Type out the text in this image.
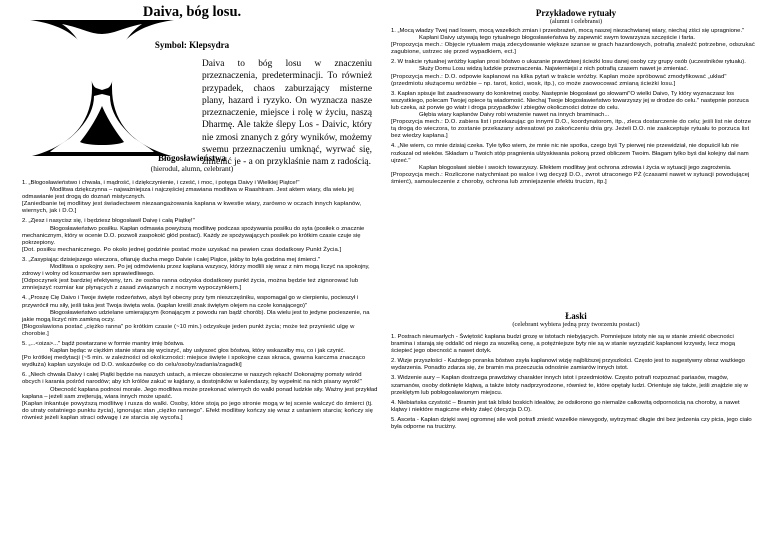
Daiva, bóg losu.
Symbol: Klepsydra
Daiva to bóg losu w znaczeniu przeznaczenia, predeterminacji. To również przypadek, chaos zaburzający misterne plany, hazard i ryzyko. On wyznacza nasze przeznaczenie, miejsce i rolę w życiu, naszą Dharmę. Ale także ślepy Los - Daivic, który nie zmosi znanych z góry wyników, możemy swemu przeznaczeniu umknąć, wyrwać się, zmienić je - a on przyklaśnie nam z radością.
Błogosławieństwa
(hierodul, alumn, celebrant)

1. „Błogosławieństwo i chwała, i mądrość, i dziękczynienie, i cześć, i moc, i potęga Daivy i Wielkiej Piątce!"

Modlitwa dziękczynna – najważniejsza i najczęściej zmawiana modlitwa w Raashtram. Jest aktem wiary, dla wielu jej odmawianie jest drogą do doznań mistycznych.

[Zaniedbanie tej modlitwy jest świadectwem niezaangażowania kapłana w kwestie wiary, zarówno w oczach innych kapłanów, wiernych, jak i D.O.]

2. „Zjesz i nasycisz się, i będziesz błogosławił Daivę i całą Piątkę!"

Błogosławieństwo posiłku. Kapłan odmawia powyższą modlitwę podczas spożywania posiłku do syta (posiłek o znacznie mechanicznym, który w ocenie D.O. pozwoli zaspokoić głód postaci). Każdy ze spożywających posiłek po krótkim czasie czuje się pokrzepiony.

[Dot. posiłku mechanicznego. Po około jednej godzinie postać może uzyskać na pewien czas dodatkowy Punkt Życia.]

3. „Zasypiając dzisiejszego wieczora, ofiaruję ducha mego Daivie i całej Piątce, jakby to była godzina mej śmierci."

Modlitwa o spokojny sen. Po jej odmówieniu przez kapłana wszyscy, którzy modlili się wraz z nim mogą liczyć na spokojny, zdrowy i wolny od koszmarów sen sprawiedliwego.

[Odpoczynek jest bardziej efektywny, tzn. że osoba ranna odzyska dodatkowy punkt życia, można będzie też zignorować lub zmniejszyć rozmiar kar płynących z zasad związanych z nocnym wypoczynkiem.]

4. „Proszę Cię Daivo i Twoje święte rodzeństwo, abyś był obecny przy tym nieszczęśniku, wspomagał go w cierpieniu, pocieszył i przywrócił mu siły, jeśli taka jest Twoja święta wola. (kapłan kreśli znak świętym olejem na czole konającego)"

Błogosławieństwo udzielane umierającym (konającym z powodu ran bądź chorób). Dla wielu jest to jedyne pocieszenie, na jakie mogą liczyć nim zamkną oczy.

[Błogosławiona postać „ciężko ranna" po krótkim czasie (~10 min.) odzyskuje jeden punkt życia; może też przynieść ulgę w chorobie.]

5. „...<oiza>..." bądź powtarzane w formie mantry imię bóstwa.

Kapłan będąc w ciężkim stanie stara się wyciszyć, aby usłyszeć głos bóstwa, który wskazałby mu, co i jak czynić.

[Po krótkiej medytacji (~5 min. w zależności od okoliczności: miejsce święte i spokojne czas skraca, gwarna karczma znacząco wydłuża) kapłan uzyskuje od D.O. wskazówkę co do celu/osoby/zadania/zagadki]

6. „Niech chwała Daivy i całej Piątki będzie na naszych ustach, a miecze obosieczne w naszych rękach! Dokonajmy pomsty wśród obcych i karania pośród narodów; aby ich królów zakuć w kajdany, a dostojników w kalendarzy, by wypełnić na nich pisany wyrok!"

Obecność kapłana podnosi morale. Jego modlitwa może przekonać wiernych do walki ponad ludzkie siły. Ważny jest przykład kapłana – jeżeli sam zrejterują, wiara innych może upaść.

[Kapłan inkantuje powyższą modlitwę i rusza do walki. Osoby, które stoją po jego stronie mogą w tej scenie walczyć do śmierci (tj. do utraty ostatniego punktu życia), ignorując stan „ciężko rannego". Efekt modlitwy kończy się wraz z ustaniem starcia; kończy się również jeżeli kapłan straci odwagę i ze starcia się wycofa.]

Przykładowe rytuały
(alumni i celebransi)

1. „Mocą władzy Twej nad losem, mocą wszelkich zmian i przeobrażeń, mocą naszej niezachwianej wiary, niechaj ziści się upragnione."

Kapłani Daivy używają tego rytualnego błogosławieństwa by zapewnić swym towarzysza szczęście i farta.

[Propozycja mech.: Objęcie rytuałem mają zdecydowanie większe szanse w grach hazardowych, potrafią znaleźć potrzebne, odszukać zagubione, ustrzec się przed wypadkiem, ect.]

2. W trakcie rytualnej wróżby kapłan prosi bóstwo o ukazanie prawdziwej ścieżki losu danej osoby czy grupy osób (uczestników rytuału).

Służy Domu Losu widzą ludzkie przeznaczenia. Najwierniejsi z nich potrafią czasem nawet je zmieniać.

[Propozycja mech.: D.O. odpowie kapłanowi na kilka pytań w trakcie wróżby. Kapłan może spróbować zmodyfikować „układ" (przedmiotu służącemu wróżbie – np. tarot, kości, wosk, itp.), co może zaowocować zmianą ścieżki losu.]

3. Kapłan spisuje list zaadresowany do konkretnej osoby. Następnie błogosławi go słowami"O wielki Daivo, Ty który wyznaczasz los wszystkiego, polecam Twojej opiece tą wiadomość. Niechaj Twoje błogosławieństwo towarzyszy jej w drodze do celu." następnie porzuca lub czeka, aż porwie go wiatr i droga przypadków i zbiegów okoliczności dotrze do celu.

Głębia wiary kapłanów Daivy robi wrażenie nawet na innych braminach...

[Propozycja mech.: D.O. zabiera list i przekazując go innymi D.O., koordynatorom, itp., zleca dostarczenie do celu; jeśli list nie dotrze tą drogą do wieczora, to zostanie przekazany adresatowi po zakończeniu dnia gry. Jeżeli D.O. nie zaakceptuje rytuału to porzuca list bez wiedzy kapłana.]

4. „Nie wiem, co mnie dzisiaj czeka. Tyle tylko wiem, że mnie nic nie spotka, czego byś Ty pierwej nie przewidział, nie dopuścił lub nie rozkazał od wieków. Składam u Twoich stóp pragnienia ulżyskiwania pokorą przed obliczem Twoim. Błagam tylko byś dał kolejny dał nam ujrzeć."

Kapłan błogosławi siebie i swoich towarzyszy. Efektem modlitwy jest ochrona zdrowia i życia w sytuacji jego zagrożenia.

[Propozycja mech.: Rozliczone natychmiast po walce i wg decyzji D.O., zwrot utraconego PŻ (czasami nawet w sytuacji powodującej śmierć), samouleczenie z choroby, ochrona lub zmniejszenie efektu trucizn, itp.]

Łaski
(celebrant wybiera jedną przy tworzeniu postaci)
1. Postrach nieumarłych - Świętość kapłana budzi grozę w istotach niebyjących. Pomniejsze istoty nie są w stanie znieść obecności bramina i starają się oddalić od niego za wszelką cenę, a potężniejsze byty nie są w stanie wyrządzić kapłanowi krzywdy, lecz mogą ściepieć jego obecność a nawet dotyk.
2. Wizje przyszłości - Każdego poranka bóstwo zsyła kapłanowi wizję najbliższej przyszłości. Często jest to sugestywny obraz ważkiego wydarzenia. Ponadto zdarza się, że bramin ma przeczucia odnośnie zamiarów innych istot.
3. Widzenie aury – Kapłan dostrzega prawdziwy charakter innych istot i przedmiotów. Często potrafi rozpoznać pariasów, magów, szamanów, osoby dotknięte klątwą, a także istoty nadprzyrodzone, również te, które opętały ludzi. Orientuje się także, jeśli znajdzie się w przeklętym lub pobłogosławionym miejscu.
4. Niebiańska czystość – Bramin jest tak bliski boskich ideałów, że odsiłorono go niemalże całkowitą odpornością na choroby, a nawet klątwy i niektóre magiczne efekty żałęć (decyzja D.O).
5. Asceta - Kapłan dzięki swej ogromnej sile woli potrafi znieść wszelkie niewygody, wytrzymać długie dni bez jedzenia czy picia, jego ciało była odporne na truciżny.
